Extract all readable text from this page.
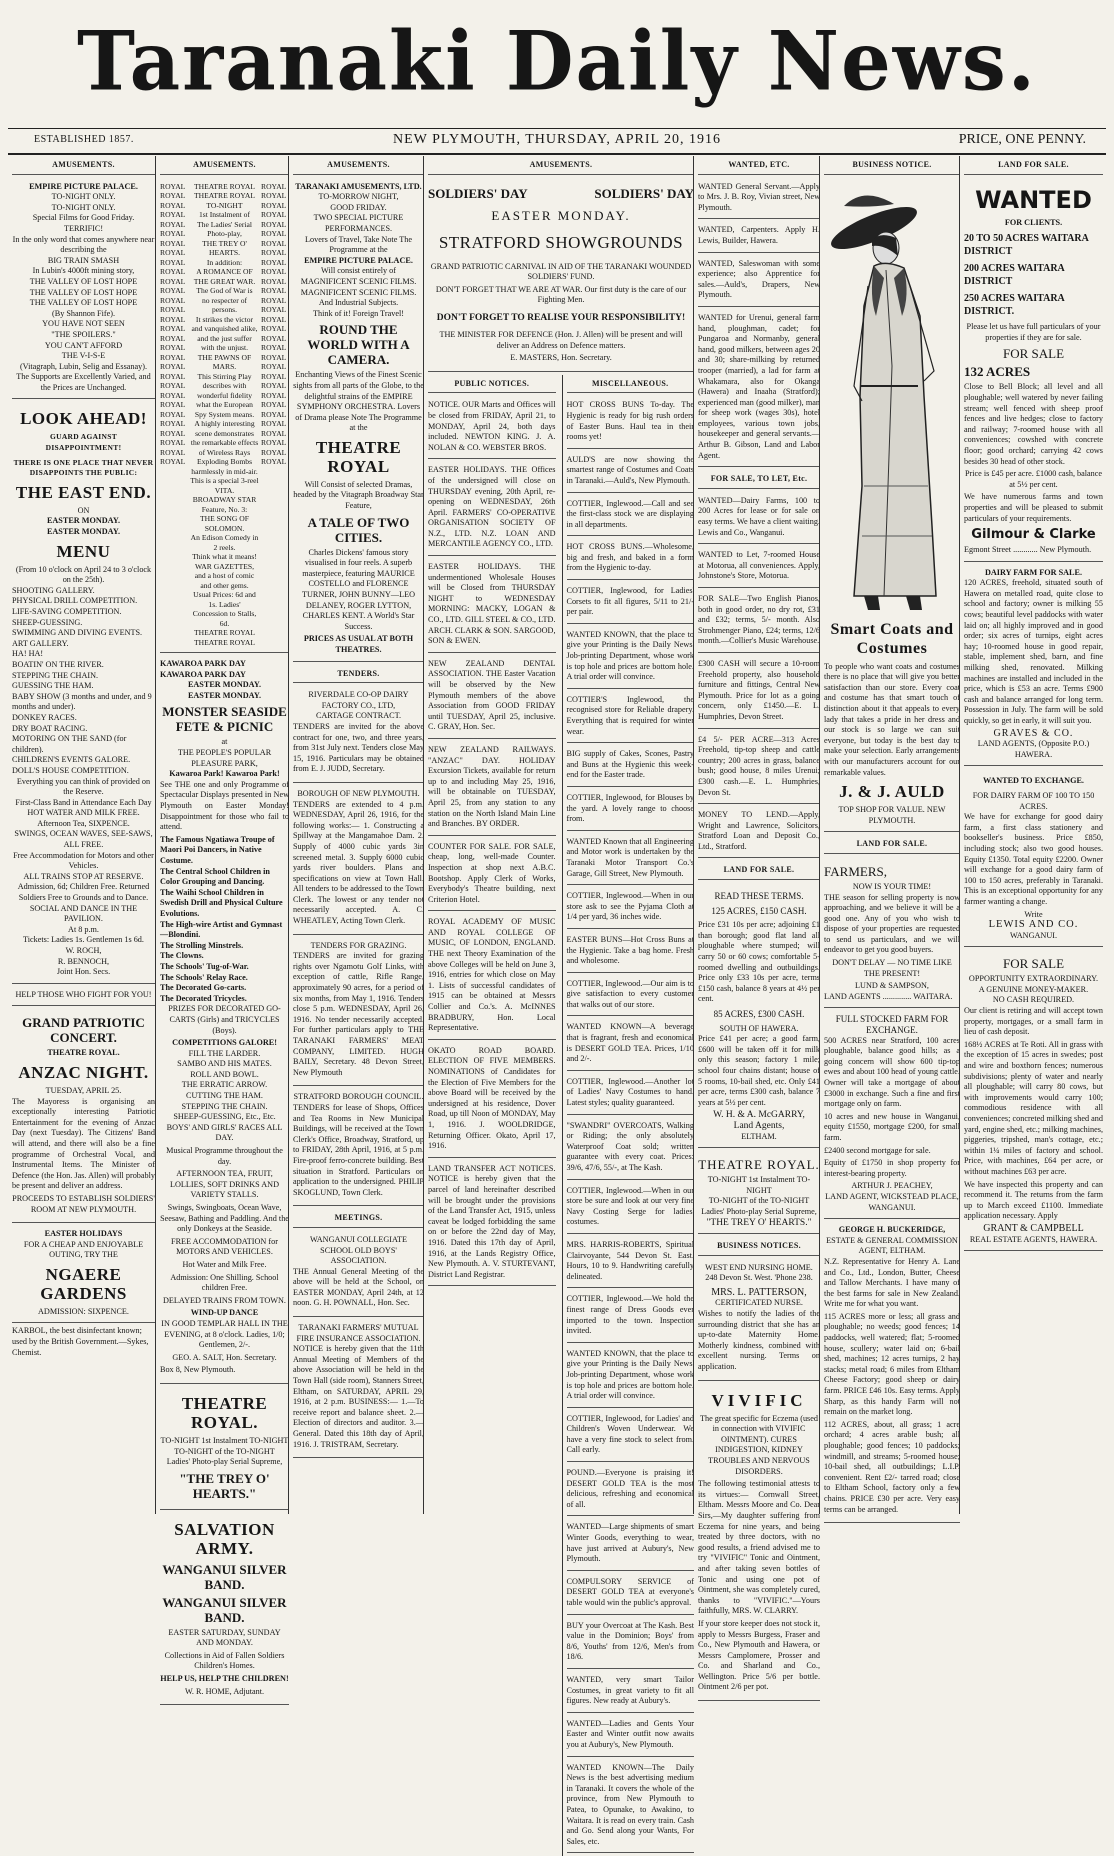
Taranaki Daily News.
ESTABLISHED 1857.	NEW PLYMOUTH, THURSDAY, APRIL 20, 1916	PRICE, ONE PENNY.
AMUSEMENTS.
EMPIRE PICTURE PALACE.
TO-NIGHT ONLY.
TO-NIGHT ONLY.
Special Films for Good Friday.
TERRIFIC!
In the only word that comes anywhere near describing the
BIG TRAIN SMASH
In Lubin's 4000ft mining story,
THE VALLEY OF LOST HOPE
THE VALLEY OF LOST HOPE
THE VALLEY OF LOST HOPE
(By Shannon Fife).
YOU HAVE NOT SEEN
"THE SPOILERS."
YOU CAN'T AFFORD
THE V-I-S-E
(Vitagraph, Lubin, Selig and Essanay).
The Supports are Excellently Varied, and the Prices are Unchanged.
LOOK AHEAD!
GUARD AGAINST DISAPPOINTMENT!
THERE IS ONE PLACE THAT NEVER DISAPPOINTS THE PUBLIC:
THE EAST END.
ON
EASTER MONDAY.
EASTER MONDAY.
MENU
(From 10 o'clock on April 24 to 3 o'clock on the 25th).
SHOOTING GALLERY.
PHYSICAL DRILL COMPETITION.
LIFE-SAVING COMPETITION.
SHEEP-GUESSING.
SWIMMING AND DIVING EVENTS.
ART GALLERY.
HA! HA!
BOATIN' ON THE RIVER.
STEPPING THE CHAIN.
GUESSING THE HAM.
BABY SHOW (3 months and under, and 9 months and under).
DONKEY RACES.
DRY BOAT RACING.
MOTORING ON THE SAND (for children).
CHILDREN'S EVENTS GALORE.
DOLL'S HOUSE COMPETITION.
Everything you can think of provided on the Reserve.
First-Class Band in Attendance Each Day
HOT WATER AND MILK FREE.
Afternoon Tea, SIXPENCE.
SWINGS, OCEAN WAVES, SEE-SAWS, ALL FREE.
Free Accommodation for Motors and other Vehicles.
ALL TRAINS STOP AT RESERVE.
Admission, 6d; Children Free. Returned Soldiers Free to Grounds and to Dance.
SOCIAL AND DANCE IN THE PAVILION.
At 8 p.m.
Tickets: Ladies 1s. Gentlemen 1s 6d.
W. ROCH,
R. BENNOCH,
Joint Hon. Secs.
HELP THOSE WHO FIGHT FOR YOU!
GRAND PATRIOTIC CONCERT.
THEATRE ROYAL.
ANZAC NIGHT.
TUESDAY, APRIL 25.

The Mayoress is organising an exceptionally interesting Patriotic Entertainment for the evening of Anzac Day (next Tuesday). The Citizens' Band will attend, and there will also be a fine programme of Orchestral Vocal, and Instrumental Items. The Minister of Defence (the Hon. Jas. Allen) will probably be present and deliver an address.

PROCEEDS TO ESTABLISH SOLDIERS' ROOM AT NEW PLYMOUTH.

EASTER HOLIDAYS
FOR A CHEAP AND ENJOYABLE OUTING, TRY THE
NGAERE GARDENS
ADMISSION: SIXPENCE.
KARBOL, the best disinfectant known; used by the British Government.—Sykes, Chemist.
AMUSEMENTS.
ROYAL
ROYAL
ROYAL
ROYAL
ROYAL
ROYAL
ROYAL
ROYAL
ROYAL
ROYAL
ROYAL
ROYAL
ROYAL
ROYAL
ROYAL
ROYAL
ROYAL
ROYAL
ROYAL
ROYAL
ROYAL
ROYAL
ROYAL
ROYAL
ROYAL
ROYAL
ROYAL
ROYAL
ROYAL
ROYAL
THEATRE ROYAL
THEATRE ROYAL
TO-NIGHT
1st Instalment of
The Ladies' Serial
Photo-play,
THE TREY O'
HEARTS.
In addition:
A ROMANCE OF
THE GREAT WAR.
The God of War is
no respecter of persons.
It strikes the victor and vanquished alike,
and the just suffer with the unjust.
THE PAWNS OF MARS.
This Stirring Play describes with wonderful fidelity what the European Spy System means.
A highly interesting scene demonstrates the remarkable effects of Wireless Rays Exploding Bombs harmlessly in mid-air.
This is a special 3-reel VITA.
BROADWAY STAR
Feature, No. 3:
THE SONG OF SOLOMON.
An Edison Comedy in 2 reels.
Think what it means!
WAR GAZETTES,
and a host of comic and other gems.
Usual Prices: 6d and 1s. Ladies' Concession to Stalls, 6d.
THEATRE ROYAL
THEATRE ROYAL
ROYAL
ROYAL
ROYAL
ROYAL
ROYAL
ROYAL
ROYAL
ROYAL
ROYAL
ROYAL
ROYAL
ROYAL
ROYAL
ROYAL
ROYAL
ROYAL
ROYAL
ROYAL
ROYAL
ROYAL
ROYAL
ROYAL
ROYAL
ROYAL
ROYAL
ROYAL
ROYAL
ROYAL
ROYAL
ROYAL
KAWAROA PARK DAY
KAWAROA PARK DAY
EASTER MONDAY.
EASTER MONDAY.
MONSTER SEASIDE FETE & PICNIC
at
THE PEOPLE'S POPULAR PLEASURE PARK,
Kawaroa Park! Kawaroa Park!

See THE one and only Programme of Spectacular Displays presented in New Plymouth on Easter Monday! Disappointment for those who fail to attend.

The Famous Ngatiawa Troupe of Maori Poi Dancers, in Native Costume.
The Central School Children in Color Grouping and Dancing.
The Waihi School Children in Swedish Drill and Physical Culture Evolutions.
The High-wire Artist and Gymnast—Blondini.
The Strolling Minstrels.
The Clowns.
The Schools' Tug-of-War.
The Schools' Relay Race.
The Decorated Go-carts.
The Decorated Tricycles.

PRIZES FOR DECORATED GO-CARTS (Girls) and TRICYCLES (Boys).

COMPETITIONS GALORE!
FILL THE LARDER.
SAMBO AND HIS MATES.
ROLL AND BOWL.
THE ERRATIC ARROW.
CUTTING THE HAM.
STEPPING THE CHAIN.
SHEEP-GUESSING, Etc., Etc.

BOYS' AND GIRLS' RACES ALL DAY.

Musical Programme throughout the day.

AFTERNOON TEA, FRUIT, LOLLIES, SOFT DRINKS AND VARIETY STALLS.

Swings, Swingboats, Ocean Wave, Seesaw, Bathing and Paddling. And the only Donkeys at the Seaside.

FREE ACCOMMODATION for MOTORS AND VEHICLES.

Hot Water and Milk Free.

Admission: One Shilling. School children Free.

DELAYED TRAINS FROM TOWN.

WIND-UP DANCE

IN GOOD TEMPLAR HALL IN THE EVENING, at 8 o'clock. Ladies, 1/0; Gentlemen, 2/-.

GEO. A. SALT, Hon. Secretary.

Box 8, New Plymouth.

THEATRE ROYAL.
TO-NIGHT 1st Instalment TO-NIGHT
TO-NIGHT of the TO-NIGHT
Ladies' Photo-play Serial Supreme,
"THE TREY O' HEARTS."
SALVATION ARMY.
WANGANUI SILVER BAND.
WANGANUI SILVER BAND.

EASTER SATURDAY, SUNDAY AND MONDAY.

Collections in Aid of Fallen Soldiers Children's Homes.

HELP US, HELP THE CHILDREN!

W. R. HOME, Adjutant.

AMUSEMENTS.
TARANAKI AMUSEMENTS, LTD.
TO-MORROW NIGHT,
GOOD FRIDAY.
TWO SPECIAL PICTURE PERFORMANCES.
Lovers of Travel, Take Note The Programme at the
EMPIRE PICTURE PALACE.
Will consist entirely of
MAGNIFICENT SCENIC FILMS.
MAGNIFICENT SCENIC FILMS.
And Industrial Subjects.
Think of it! Foreign Travel!
ROUND THE WORLD WITH A CAMERA.

Enchanting Views of the Finest Scenic sights from all parts of the Globe, to the delightful strains of the EMPIRE SYMPHONY ORCHESTRA. Lovers of Drama please Note The Programme at the

THEATRE ROYAL

Will Consist of selected Dramas, headed by the Vitagraph Broadway Star Feature,

A TALE OF TWO CITIES.

Charles Dickens' famous story visualised in four reels. A superb masterpiece, featuring MAURICE COSTELLO and FLORENCE TURNER, JOHN BUNNY—LEO DELANEY, ROGER LYTTON, CHARLES KENT. A World's Star Success.

PRICES AS USUAL AT BOTH THEATRES.
TENDERS.
RIVERDALE CO-OP DAIRY FACTORY CO., LTD,
CARTAGE CONTRACT.

TENDERS are invited for the above contract for one, two, and three years, from 31st July next. Tenders close May 15, 1916. Particulars may be obtained from E. J. JUDD, Secretary.

BOROUGH OF NEW PLYMOUTH.

TENDERS are extended to 4 p.m. WEDNESDAY, April 26, 1916, for the following works:— 1. Constructing a Spillway at the Mangamahoe Dam. 2. Supply of 4000 cubic yards 3in screened metal. 3. Supply 6000 cubic yards river boulders. Plans and specifications on view at Town Hall. All tenders to be addressed to the Town Clerk. The lowest or any tender not necessarily accepted. A. C. WHEATLEY, Acting Town Clerk.

TENDERS FOR GRAZING.

TENDERS are invited for grazing rights over Ngamotu Golf Links, with exception of cattle, Rifle Range, approximately 90 acres, for a period of six months, from May 1, 1916. Tenders close 5 p.m. WEDNESDAY, April 26, 1916. No tender necessarily accepted. For further particulars apply to THE TARANAKI FARMERS' MEAT COMPANY, LIMITED. HUGH BAILY, Secretary. 48 Devon Street, New Plymouth

STRATFORD BOROUGH COUNCIL.

TENDERS for lease of Shops, Offices and Tea Rooms in New Municipal Buildings, will be received at the Town Clerk's Office, Broadway, Stratford, up to FRIDAY, 28th April, 1916, at 5 p.m. Fire-proof ferro-concrete building. Best situation in Stratford. Particulars on application to the undersigned. PHILIP SKOGLUND, Town Clerk.

MEETINGS.
WANGANUI COLLEGIATE SCHOOL OLD BOYS' ASSOCIATION.

THE Annual General Meeting of the above will be held at the School, on EASTER MONDAY, April 24th, at 12 noon. G. H. POWNALL, Hon. Sec.

TARANAKI FARMERS' MUTUAL FIRE INSURANCE ASSOCIATION.

NOTICE is hereby given that the 11th Annual Meeting of Members of the above Association will be held in the Town Hall (side room), Stanners Street, Eltham, on SATURDAY, APRIL 29, 1916, at 2 p.m. BUSINESS:— 1.—To receive report and balance sheet. 2.—Election of directors and auditor. 3.—General. Dated this 18th day of April, 1916. J. TRISTRAM, Secretary.

AMUSEMENTS.
SOLDIERS' DAY	SOLDIERS' DAY
EASTER MONDAY.
STRATFORD SHOWGROUNDS

GRAND PATRIOTIC CARNIVAL IN AID OF THE TARANAKI WOUNDED SOLDIERS' FUND.

DON'T FORGET THAT WE ARE AT WAR. Our first duty is the care of our Fighting Men.

DON'T FORGET TO REALISE YOUR RESPONSIBILITY!

THE MINISTER FOR DEFENCE (Hon. J. Allen) will be present and will deliver an Address on Defence matters.

E. MASTERS, Hon. Secretary.

PUBLIC NOTICES.
NOTICE. OUR Marts and Offices will be closed from FRIDAY, April 21, to MONDAY, April 24, both days included. NEWTON KING. J. A. NOLAN & CO. WEBSTER BROS.
EASTER HOLIDAYS. THE Offices of the undersigned will close on THURSDAY evening, 20th April, re-opening on WEDNESDAY, 26th April. FARMERS' CO-OPERATIVE ORGANISATION SOCIETY OF N.Z., LTD. N.Z. LOAN AND MERCANTILE AGENCY CO., LTD.
EASTER HOLIDAYS. THE undermentioned Wholesale Houses will be Closed from THURSDAY NIGHT to WEDNESDAY MORNING: MACKY, LOGAN & CO., LTD. GILL STEEL & CO., LTD. ARCH. CLARK & SON. SARGOOD, SON & EWEN.
NEW ZEALAND DENTAL ASSOCIATION. THE Easter Vacation will be observed by the New Plymouth members of the above Association from GOOD FRIDAY until TUESDAY, April 25, inclusive. C. GRAY, Hon. Sec.
NEW ZEALAND RAILWAYS. "ANZAC" DAY. HOLIDAY Excursion Tickets, available for return up to and including May 25, 1916, will be obtainable on TUESDAY, April 25, from any station to any station on the North Island Main Line and Branches. BY ORDER.
COUNTER FOR SALE. FOR SALE, cheap, long, well-made Counter. Inspection at shop next A.B.C. Bootshop. Apply Clerk of Works, Everybody's Theatre building, next Criterion Hotel.
ROYAL ACADEMY OF MUSIC AND ROYAL COLLEGE OF MUSIC, OF LONDON, ENGLAND. THE next Theory Examination of the above Colleges will be held on June 3, 1916, entries for which close on May 1. Lists of successful candidates of 1915 can be obtained at Messrs Collier and Co.'s. A. McINNES BRADBURY, Hon. Local Representative.
OKATO ROAD BOARD. ELECTION OF FIVE MEMBERS. NOMINATIONS of Candidates for the Election of Five Members for the above Board will be received by the undersigned at his residence, Dover Road, up till Noon of MONDAY, May 1, 1916. J. WOOLDRIDGE, Returning Officer. Okato, April 17, 1916.
LAND TRANSFER ACT NOTICES. NOTICE is hereby given that the parcel of land hereinafter described will be brought under the provisions of the Land Transfer Act, 1915, unless caveat be lodged forbidding the same on or before the 22nd day of May, 1916. Dated this 17th day of April, 1916, at the Lands Registry Office, New Plymouth. A. V. STURTEVANT, District Land Registrar.
MISCELLANEOUS.
HOT CROSS BUNS To-day. The Hygienic is ready for big rush orders of Easter Buns. Haul tea in their rooms yet!
AULD'S are now showing the smartest range of Costumes and Coats in Taranaki.—Auld's, New Plymouth.
COTTIER, Inglewood.—Call and see the first-class stock we are displaying in all departments.
HOT CROSS BUNS.—Wholesome, big and fresh, and baked in a form from the Hygienic to-day.
COTTIER, Inglewood, for Ladies' Corsets to fit all figures, 5/11 to 21/- per pair.
WANTED KNOWN, that the place to give your Printing is the Daily News' Job-printing Department, whose work is top hole and prices are bottom hole. A trial order will convince.
COTTIER'S Inglewood, the recognised store for Reliable drapery. Everything that is required for winter wear.
BIG supply of Cakes, Scones, Pastry and Buns at the Hygienic this week-end for the Easter trade.
COTTIER, Inglewood, for Blouses by the yard. A lovely range to choose from.
WANTED Known that all Engineering and Motor work is undertaken by the Taranaki Motor Transport Co.'s Garage, Gill Street, New Plymouth.
COTTIER, Inglewood.—When in our store ask to see the Pyjama Cloth at 1/4 per yard, 36 inches wide.
EASTER BUNS—Hot Cross Buns at the Hygienic. Take a bag home. Fresh and wholesome.
COTTIER, Inglewood.—Our aim is to give satisfaction to every customer that walks out of our store.
WANTED KNOWN—A beverage that is fragrant, fresh and economical is DESERT GOLD TEA. Prices, 1/10 and 2/-.
COTTIER, Inglewood.—Another lot of Ladies' Navy Costumes to hand. Latest styles; quality guaranteed.
"SWANDRI" OVERCOATS, Walking or Riding; the only absolutely Waterproof Coat sold; written guarantee with every coat. Prices: 39/6, 47/6, 55/-, at The Kash.
COTTIER, Inglewood.—When in our store be sure and look at our very fine Navy Costing Serge for ladies' costumes.
MRS. HARRIS-ROBERTS, Spiritual Clairvoyante, 544 Devon St. East. Hours, 10 to 9. Handwriting carefully delineated.
COTTIER, Inglewood.—We hold the finest range of Dress Goods ever imported to the town. Inspection invited.
WANTED KNOWN, that the place to give your Printing is the Daily News' Job-printing Department, whose work is top hole and prices are bottom hole. A trial order will convince.
COTTIER, Inglewood, for Ladies' and Children's Woven Underwear. We have a very fine stock to select from. Call early.
POUND.—Everyone is praising it! DESERT GOLD TEA is the most delicious, refreshing and economical of all.
WANTED—Large shipments of smart Winter Goods, everything to wear, have just arrived at Aubury's, New Plymouth.
COMPULSORY SERVICE of DESERT GOLD TEA at everyone's table would win the public's approval.
BUY your Overcoat at The Kash. Best value in the Dominion; Boys' from 8/6, Youths' from 12/6, Men's from 18/6.
WANTED, very smart Tailor Costumes, in great variety to fit all figures. New ready at Aubury's.
WANTED—Ladies and Gents Your Easter and Winter outfit now awaits you at Aubury's, New Plymouth.
WANTED KNOWN—The Daily News is the best advertising medium in Taranaki. It covers the whole of the province, from New Plymouth to Patea, to Opunake, to Awakino, to Waitara. It is read on every train. Cash and Go. Send along your Wants, For Sales, etc.
WANTED, ETC.
WANTED General Servant.—Apply to Mrs. J. B. Roy, Vivian street, New Plymouth.
WANTED, Carpenters. Apply H. Lewis, Builder, Hawera.
WANTED, Saleswoman with some experience; also Apprentice for sales.—Auld's, Drapers, New Plymouth.
WANTED for Urenui, general farm hand, ploughman, cadet; for Pungaroa and Normanby, general hand, good milkers, between ages 20 and 30; share-milking by returned trooper (married), a lad for farm at Whakamara, also for Okanga (Hawera) and Inaaha (Stratford); experienced man (good milker), man for sheep work (wages 30s), hotel employees, various town jobs, housekeeper and general servants.—Arthur B. Gibson, Land and Labor Agent.
FOR SALE, TO LET, Etc.
WANTED—Dairy Farms, 100 to 200 Acres for lease or for sale on easy terms. We have a client waiting. Lewis and Co., Wanganui.
WANTED to Let, 7-roomed House at Motorua, all conveniences. Apply, Johnstone's Store, Motorua.
FOR SALE—Two English Pianos, both in good order, no dry rot, £31 and £32; terms, 5/- month. Also Strohmenger Piano, £24; terms, 12/6 month.—Collier's Music Warehouse.
£300 CASH will secure a 10-room Freehold property, also household furniture and fittings, Central New Plymouth. Price for lot as a going concern, only £1450.—E. L. Humphries, Devon Street.
£4 5/- PER ACRE—313 Acres Freehold, tip-top sheep and cattle country; 200 acres in grass, balance bush; good house, 8 miles Urenui; £300 cash.—E. L. Humphries, Devon St.
MONEY TO LEND.—Apply, Wright and Lawrence, Solicitors, Stratford Loan and Deposit Co., Ltd., Stratford.
LAND FOR SALE.
READ THESE TERMS.
125 ACRES, £150 CASH.

Price £31 10s per acre; adjoining £1 than borough; good flat land all ploughable where stumped; will carry 50 or 60 cows; comfortable 5-roomed dwelling and outbuildings. Price only £33 10s per acre, terms £150 cash, balance 8 years at 4½ per cent.

85 ACRES, £300 CASH.
SOUTH OF HAWERA.

Price £41 per acre; a good farm, £600 will be taken off it for milk only this season; factory 1 mile; school four chains distant; house of 5 rooms, 10-bail shed, etc. Only £41 per acre, terms £300 cash, balance 7 years at 5½ per cent.

W. H. & A. McGARRY,
Land Agents,
ELTHAM.
THEATRE ROYAL.
TO-NIGHT 1st Instalment TO-NIGHT
TO-NIGHT of the TO-NIGHT
Ladies' Photo-play Serial Supreme,
"THE TREY O' HEARTS."
BUSINESS NOTICES.
WEST END NURSING HOME.
248 Devon St. West. 'Phone 238.
MRS. L. PATTERSON,
CERTIFICATED NURSE.

Wishes to notify the ladies of the surrounding district that she has an up-to-date Maternity Home. Motherly kindness, combined with excellent nursing. Terms on application.

VIVIFIC

The great specific for Eczema (used in connection with VIVIFIC OINTMENT). CURES INDIGESTION, KIDNEY TROUBLES AND NERVOUS DISORDERS.

The following testimonial attests to its virtues:— Cornwall Street, Eltham. Messrs Moore and Co. Dear Sirs,—My daughter suffering from Eczema for nine years, and being treated by three doctors, with no good results, a friend advised me to try "VIVIFIC" Tonic and Ointment, and after taking seven bottles of Tonic and using one pot of Ointment, she was completely cured, thanks to "VIVIFIC."—Yours faithfully, MRS. W. CLARRY.

If your store keeper does not stock it, apply to Messrs Burgess, Fraser and Co., New Plymouth and Hawera, or Messrs Camplomere, Prosser and Co. and Sharland and Co., Wellington. Price 5/6 per bottle. Ointment 2/6 per pot.

BUSINESS NOTICE.
Smart Coats and Costumes

To people who want coats and costumes there is no place that will give you better satisfaction than our store. Every coat and costume has that smart touch of distinction about it that appeals to every lady that takes a pride in her dress and our stock is so large we can suit everyone, but today is the best day to make your selection. Early arrangements with our manufacturers account for our remarkable values.

J. & J. AULD
TOP SHOP FOR VALUE. NEW PLYMOUTH.
LAND FOR SALE.
FARMERS,
NOW IS YOUR TIME!

THE season for selling property is now approaching, and we believe it will be a good one. Any of you who wish to dispose of your properties are requested to send us particulars, and we will endeavor to get you good buyers.

DON'T DELAY — NO TIME LIKE THE PRESENT!

LUND & SAMPSON,
LAND AGENTS .............. WAITARA.
FULL STOCKED FARM FOR EXCHANGE.

500 ACRES near Stratford, 100 acres ploughable, balance good hills; as a going concern will show 600 tip-top ewes and about 100 head of young cattle. Owner will take a mortgage of about £3000 in exchange. Such a fine and first mortgage only on farm.

10 acres and new house in Wanganui, equity £1550, mortgage £200, for small farm.

£2400 second mortgage for sale.

Equity of £1750 in shop property for interest-bearing property.

ARTHUR J. PEACHEY,
LAND AGENT, WICKSTEAD PLACE, WANGANUI.
GEORGE H. BUCKERIDGE,
ESTATE & GENERAL COMMISSION AGENT, ELTHAM.

N.Z. Representative for Henry A. Lane and Co., Ltd., London, Butter, Cheese and Tallow Merchants. I have many of the best farms for sale in New Zealand. Write me for what you want.

115 ACRES more or less; all grass and ploughable; no weeds; good fences; 14 paddocks, well watered; flat; 5-roomed house, scullery; water laid on; 6-bail shed, machines; 12 acres turnips, 2 hay stacks; metal road; 6 miles from Eltham Cheese Factory; good sheep or dairy farm. PRICE £46 10s. Easy terms. Apply Sharp, as this handy Farm will not remain on the market long.

112 ACRES, about, all grass; 1 acre orchard; 4 acres arable bush; all ploughable; good fences; 10 paddocks; windmill, and streams; 5-roomed house; 10-bail shed, all outbuildings; L.I.P. convenient. Rent £2/- tarred road; close to Eltham School, factory only a few chains. PRICE £30 per acre. Very easy terms can be arranged.

LAND FOR SALE.
WANTED
FOR CLIENTS.
20 TO 50 ACRES WAITARA DISTRICT
200 ACRES WAITARA DISTRICT
250 ACRES WAITARA DISTRICT.

Please let us have full particulars of your properties if they are for sale.

FOR SALE
132 ACRES

Close to Bell Block; all level and all ploughable; well watered by never failing stream; well fenced with sheep proof fences and live hedges; close to factory and railway; 7-roomed house with all conveniences; cowshed with concrete floor; good orchard; carrying 42 cows besides 30 head of other stock.

Price is £45 per acre. £1000 cash, balance at 5½ per cent.

We have numerous farms and town properties and will be pleased to submit particulars of your requirements.

Gilmour & Clarke
Egmont Street ............ New Plymouth.
DAIRY FARM FOR SALE.

120 ACRES, freehold, situated south of Hawera on metalled road, quite close to school and factory; owner is milking 55 cows; beautiful level paddocks with water laid on; all highly improved and in good order; six acres of turnips, eight acres hay; 10-roomed house in good repair, stable, implement shed, barn, and fine milking shed, renovated. Milking machines are installed and included in the price, which is £53 an acre. Terms £900 cash and balance arranged for long term. Possession in July. The farm will be sold quickly, so get in early, it will suit you.

GRAVES & CO.
LAND AGENTS, (Opposite P.O.) HAWERA.
WANTED TO EXCHANGE.
FOR DAIRY FARM OF 100 TO 150 ACRES.

We have for exchange for good dairy farm, a first class stationery and bookseller's business. Price £850, including stock; also two good houses. Equity £1350. Total equity £2200. Owner will exchange for a good dairy farm of 100 to 150 acres, preferably in Taranaki. This is an exceptional opportunity for any farmer wanting a change.

Write
LEWIS AND CO.
WANGANUI.
FOR SALE
OPPORTUNITY EXTRAORDINARY.
A GENUINE MONEY-MAKER.
NO CASH REQUIRED.

Our client is retiring and will accept town property, mortgages, or a small farm in lieu of cash deposit.

168½ ACRES at Te Roti. All in grass with the exception of 15 acres in swedes; post and wire and boxthorn fences; numerous subdivisions; plenty of water and nearly all ploughable; will carry 80 cows, but with improvements would carry 100; commodious residence with all conveniences; concreted milking shed and yard, engine shed, etc.; milking machines, piggeries, tripshed, man's cottage, etc.; within 1¼ miles of factory and school. Price, with machines, £64 per acre, or without machines £63 per acre.

We have inspected this property and can recommend it. The returns from the farm up to March exceed £1100. Immediate application necessary. Apply

GRANT & CAMPBELL
REAL ESTATE AGENTS, HAWERA.
